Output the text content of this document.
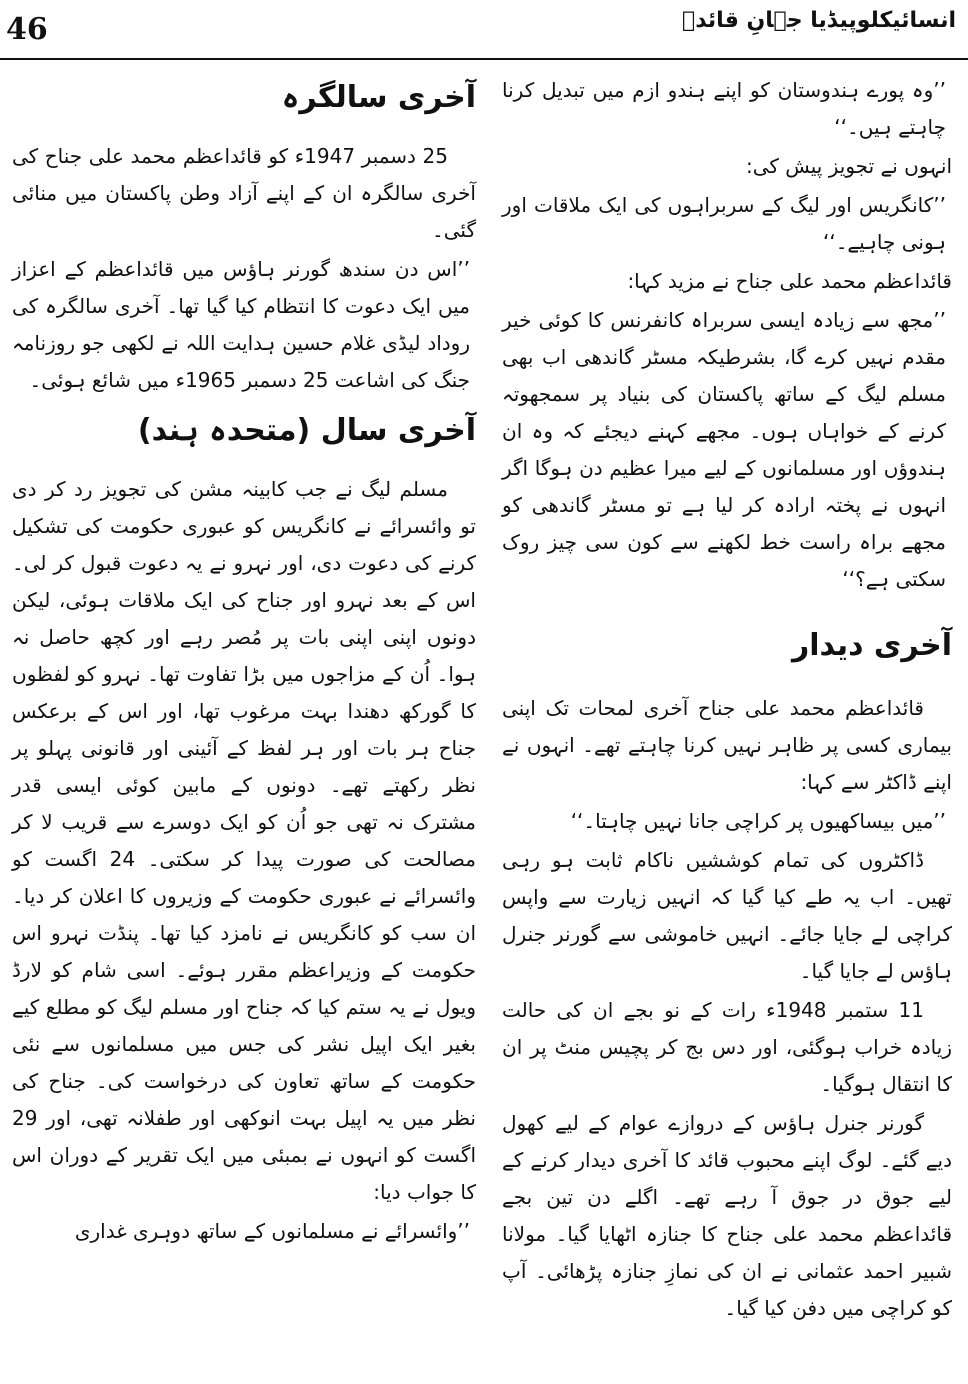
46	انسائیکلوپیڈیا جہانِ قائدؒ

’’وہ پورے ہندوستان کو اپنے ہندو ازم میں تبدیل کرنا چاہتے ہیں۔‘‘

انہوں نے تجویز پیش کی:

’’کانگریس اور لیگ کے سربراہوں کی ایک ملاقات اور ہونی چاہیے۔‘‘

قائداعظم محمد علی جناح نے مزید کہا:

’’مجھ سے زیادہ ایسی سربراہ کانفرنس کا کوئی خیر مقدم نہیں کرے گا، بشرطیکہ مسٹر گاندھی اب بھی مسلم لیگ کے ساتھ پاکستان کی بنیاد پر سمجھوتہ کرنے کے خواہاں ہوں۔ مجھے کہنے دیجئے کہ وہ ان ہندوؤں اور مسلمانوں کے لیے میرا عظیم دن ہوگا اگر انہوں نے پختہ ارادہ کر لیا ہے تو مسٹر گاندھی کو مجھے براہ راست خط لکھنے سے کون سی چیز روک سکتی ہے؟‘‘

آخری دیدار

قائداعظم محمد علی جناح آخری لمحات تک اپنی بیماری کسی پر ظاہر نہیں کرنا چاہتے تھے۔ انہوں نے اپنے ڈاکٹر سے کہا:

’’میں بیساکھیوں پر کراچی جانا نہیں چاہتا۔‘‘

ڈاکٹروں کی تمام کوششیں ناکام ثابت ہو رہی تھیں۔ اب یہ طے کیا گیا کہ انہیں زیارت سے واپس کراچی لے جایا جائے۔ انہیں خاموشی سے گورنر جنرل ہاؤس لے جایا گیا۔

11 ستمبر 1948ء رات کے نو بجے ان کی حالت زیادہ خراب ہوگئی، اور دس بج کر پچیس منٹ پر ان کا انتقال ہوگیا۔

گورنر جنرل ہاؤس کے دروازے عوام کے لیے کھول دیے گئے۔ لوگ اپنے محبوب قائد کا آخری دیدار کرنے کے لیے جوق در جوق آ رہے تھے۔ اگلے دن تین بجے قائداعظم محمد علی جناح کا جنازہ اٹھایا گیا۔ مولانا شبیر احمد عثمانی نے ان کی نمازِ جنازہ پڑھائی۔ آپ کو کراچی میں دفن کیا گیا۔

آخری سالگرہ

25 دسمبر 1947ء کو قائداعظم محمد علی جناح کی آخری سالگرہ ان کے اپنے آزاد وطن پاکستان میں منائی گئی۔

’’اس دن سندھ گورنر ہاؤس میں قائداعظم کے اعزاز میں ایک دعوت کا انتظام کیا گیا تھا۔ آخری سالگرہ کی روداد لیڈی غلام حسین ہدایت اللہ نے لکھی جو روزنامہ جنگ کی اشاعت 25 دسمبر 1965ء میں شائع ہوئی۔

آخری سال (متحدہ ہند)

مسلم لیگ نے جب کابینہ مشن کی تجویز رد کر دی تو وائسرائے نے کانگریس کو عبوری حکومت کی تشکیل کرنے کی دعوت دی، اور نہرو نے یہ دعوت قبول کر لی۔ اس کے بعد نہرو اور جناح کی ایک ملاقات ہوئی، لیکن دونوں اپنی اپنی بات پر مُصر رہے اور کچھ حاصل نہ ہوا۔ اُن کے مزاجوں میں بڑا تفاوت تھا۔ نہرو کو لفظوں کا گورکھ دھندا بہت مرغوب تھا، اور اس کے برعکس جناح ہر بات اور ہر لفظ کے آئینی اور قانونی پہلو پر نظر رکھتے تھے۔ دونوں کے مابین کوئی ایسی قدر مشترک نہ تھی جو اُن کو ایک دوسرے سے قریب لا کر مصالحت کی صورت پیدا کر سکتی۔ 24 اگست کو وائسرائے نے عبوری حکومت کے وزیروں کا اعلان کر دیا۔ ان سب کو کانگریس نے نامزد کیا تھا۔ پنڈت نہرو اس حکومت کے وزیراعظم مقرر ہوئے۔ اسی شام کو لارڈ ویول نے یہ ستم کیا کہ جناح اور مسلم لیگ کو مطلع کیے بغیر ایک اپیل نشر کی جس میں مسلمانوں سے نئی حکومت کے ساتھ تعاون کی درخواست کی۔ جناح کی نظر میں یہ اپیل بہت انوکھی اور طفلانہ تھی، اور 29 اگست کو انہوں نے بمبئی میں ایک تقریر کے دوران اس کا جواب دیا:

’’وائسرائے نے مسلمانوں کے ساتھ دوہری غداری
